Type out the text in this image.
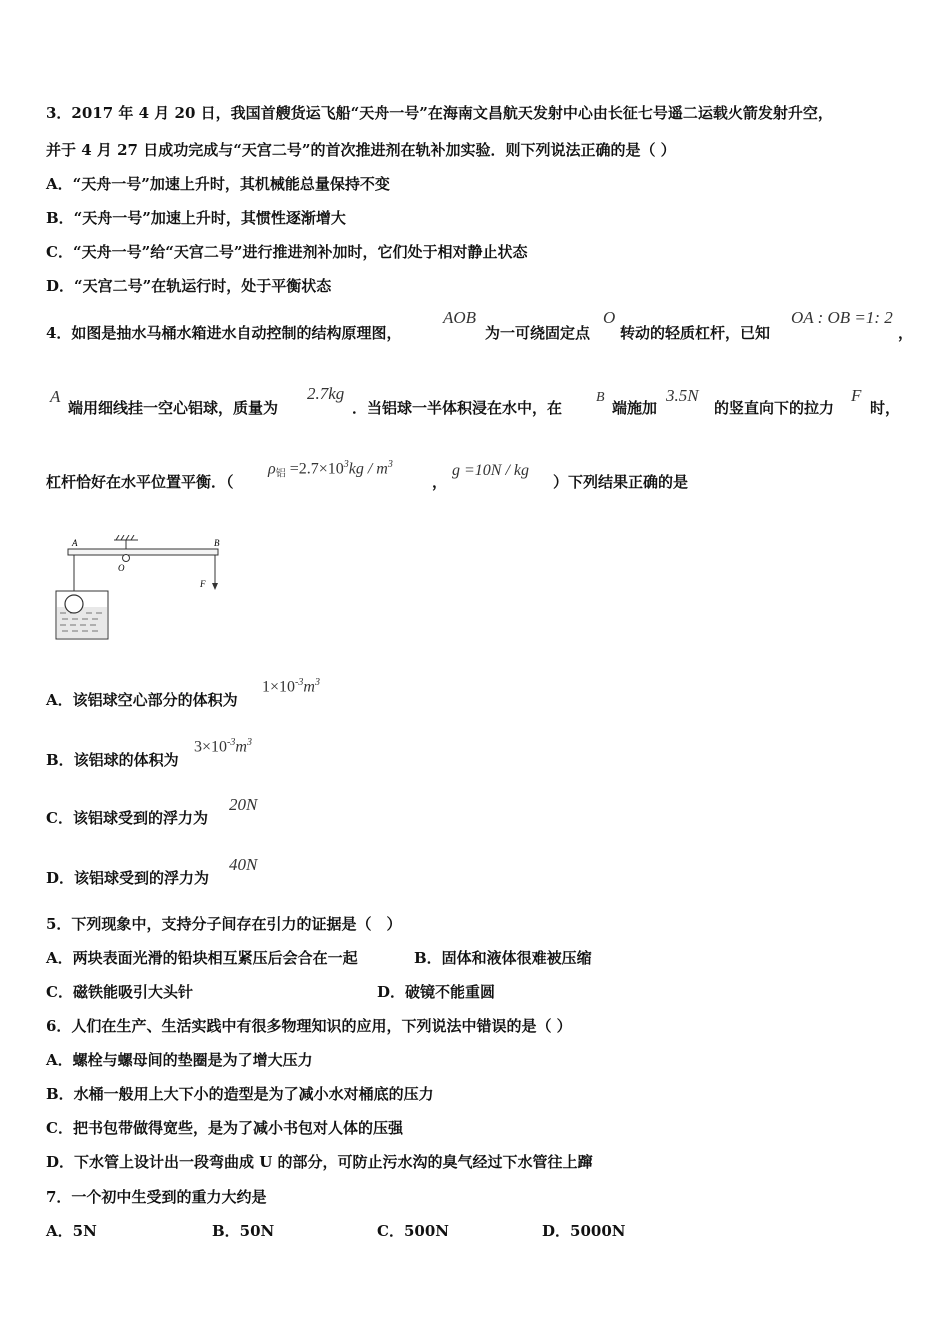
3．2017 年 4 月 20 日，我国首艘货运飞船“天舟一号”在海南文昌航天发射中心由长征七号遥二运载火箭发射升空，
并于 4 月 27 日成功完成与“天宫二号”的首次推进剂在轨补加实验．则下列说法正确的是（ ）
A．“天舟一号”加速上升时，其机械能总量保持不变
B．“天舟一号”加速上升时，其惯性逐渐增大
C．“天舟一号”给“天宫二号”进行推进剂补加时，它们处于相对静止状态
D．“天宫二号”在轨运行时，处于平衡状态
4．如图是抽水马桶水箱进水自动控制的结构原理图，
AOB
为一可绕固定点
O
转动的轻质杠杆，已知
OA : OB =1: 2
，
A
端用细线挂一空心铝球，质量为
2.7kg
．当铝球一半体积浸在水中，在
B
端施加
3.5N
的竖直向下的拉力
F
时，
杠杆恰好在水平位置平衡．（
$\rho_铝 =2.7\times 10^3kg / m^3$
，
g =10N / kg
）下列结果正确的是
A	B
O
F
A．该铝球空心部分的体积为
$1\times 10^{-3}m^3$
B．该铝球的体积为
$3\times 10^{-3}m^3$
C．该铝球受到的浮力为
20N
D．该铝球受到的浮力为
40N
5．下列现象中，支持分子间存在引力的证据是（　）
A．两块表面光滑的铅块相互紧压后会合在一起	B．固体和液体很难被压缩
C．磁铁能吸引大头针	D．破镜不能重圆
6．人们在生产、生活实践中有很多物理知识的应用，下列说法中错误的是（ ）
A．螺栓与螺母间的垫圈是为了增大压力
B．水桶一般用上大下小的造型是为了减小水对桶底的压力
C．把书包带做得宽些，是为了减小书包对人体的压强
D．下水管上设计出一段弯曲成 U 的部分，可防止污水沟的臭气经过下水管往上蹿
7．一个初中生受到的重力大约是
A．5N	B．50N	C．500N	D．5000N
